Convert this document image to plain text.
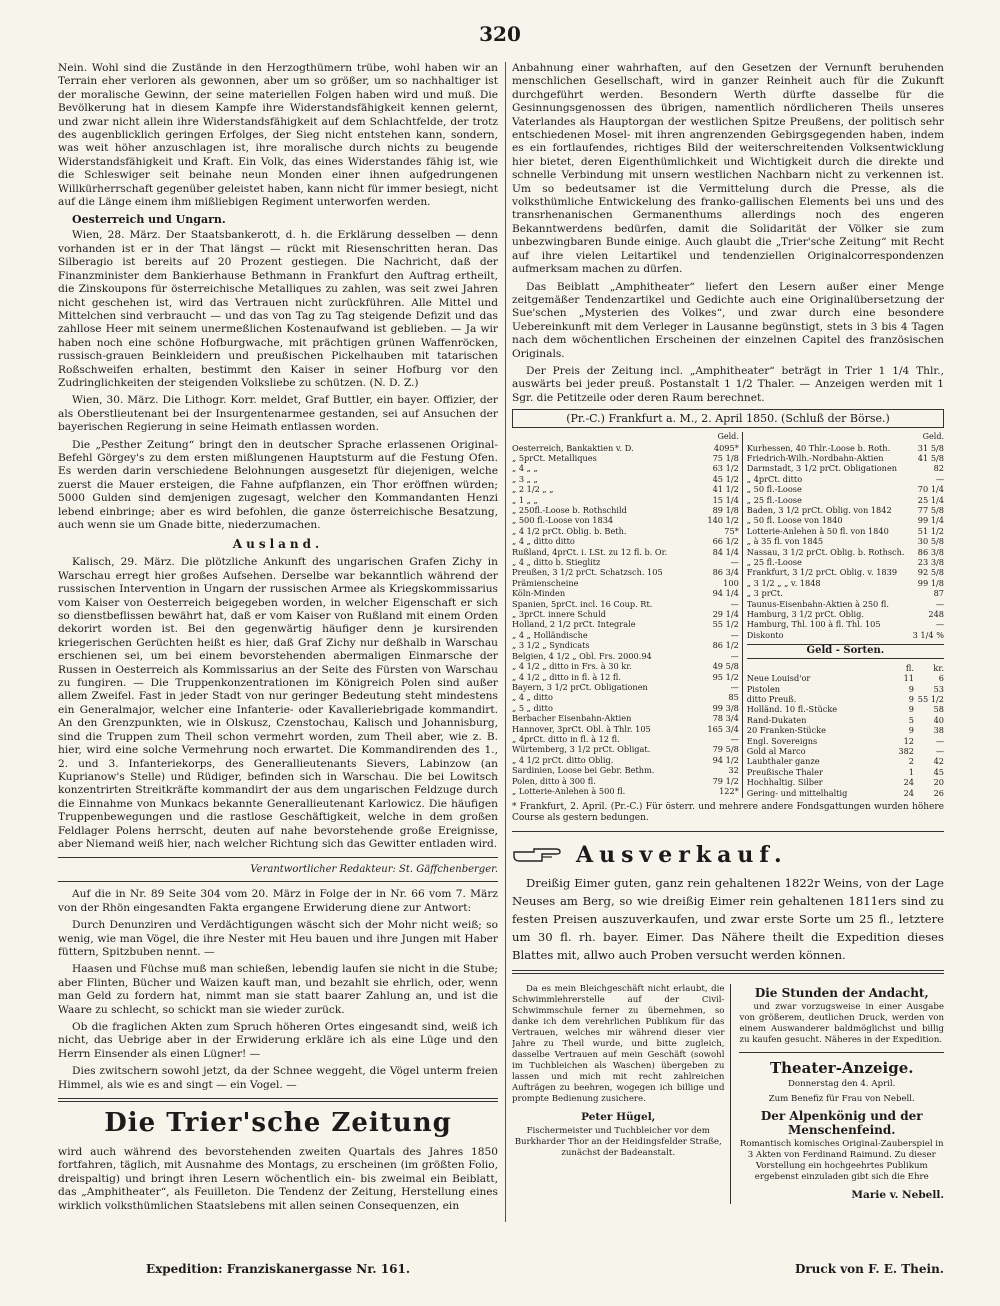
320

Nein. Wohl sind die Zustände in den Herzogthümern trübe, wohl haben wir an Terrain eher verloren als gewonnen, aber um so größer, um so nachhaltiger ist der moralische Gewinn, der seine materiellen Folgen haben wird und muß. Die Bevölkerung hat in diesem Kampfe ihre Widerstandsfähigkeit kennen gelernt, und zwar nicht allein ihre Widerstandsfähigkeit auf dem Schlachtfelde, der trotz des augenblicklich geringen Erfolges, der Sieg nicht entstehen kann, sondern, was weit höher anzuschlagen ist, ihre moralische durch nichts zu beugende Widerstandsfähigkeit und Kraft. Ein Volk, das eines Widerstandes fähig ist, wie die Schleswiger seit beinahe neun Monden einer ihnen aufgedrungenen Willkürherrschaft gegenüber geleistet haben, kann nicht für immer besiegt, nicht auf die Länge einem ihm mißliebigen Regiment unterworfen werden.

Oesterreich und Ungarn.

Wien, 28. März. Der Staatsbankerott, d. h. die Erklärung desselben — denn vorhanden ist er in der That längst — rückt mit Riesenschritten heran. Das Silberagio ist bereits auf 20 Prozent gestiegen. Die Nachricht, daß der Finanzminister dem Bankierhause Bethmann in Frankfurt den Auftrag ertheilt, die Zinskoupons für österreichische Metalliques zu zahlen, was seit zwei Jahren nicht geschehen ist, wird das Vertrauen nicht zurückführen. Alle Mittel und Mittelchen sind verbraucht — und das von Tag zu Tag steigende Defizit und das zahllose Heer mit seinem unermeßlichen Kostenaufwand ist geblieben. — Ja wir haben noch eine schöne Hofburgwache, mit prächtigen grünen Waffenröcken, russisch-grauen Beinkleidern und preußischen Pickelhauben mit tatarischen Roßschweifen erhalten, bestimmt den Kaiser in seiner Hofburg vor den Zudringlichkeiten der steigenden Volksliebe zu schützen. (N. D. Z.)

Wien, 30. März. Die Lithogr. Korr. meldet, Graf Buttler, ein bayer. Offizier, der als Oberstlieutenant bei der Insurgentenarmee gestanden, sei auf Ansuchen der bayerischen Regierung in seine Heimath entlassen worden.

Die „Pesther Zeitung“ bringt den in deutscher Sprache erlassenen Original-Befehl Görgey's zu dem ersten mißlungenen Hauptsturm auf die Festung Ofen. Es werden darin verschiedene Belohnungen ausgesetzt für diejenigen, welche zuerst die Mauer ersteigen, die Fahne aufpflanzen, ein Thor eröffnen würden; 5000 Gulden sind demjenigen zugesagt, welcher den Kommandanten Henzi lebend einbringe; aber es wird befohlen, die ganze österreichische Besatzung, auch wenn sie um Gnade bitte, niederzumachen.

Ausland.

Kalisch, 29. März. Die plötzliche Ankunft des ungarischen Grafen Zichy in Warschau erregt hier großes Aufsehen. Derselbe war bekanntlich während der russischen Intervention in Ungarn der russischen Armee als Kriegskommissarius vom Kaiser von Oesterreich beigegeben worden, in welcher Eigenschaft er sich so dienstbeflissen bewährt hat, daß er vom Kaiser von Rußland mit einem Orden dekorirt worden ist. Bei den gegenwärtig häufiger denn je kursirenden kriegerischen Gerüchten heißt es hier, daß Graf Zichy nur deßhalb in Warschau erschienen sei, um bei einem bevorstehenden abermaligen Einmarsche der Russen in Oesterreich als Kommissarius an der Seite des Fürsten von Warschau zu fungiren. — Die Truppenkonzentrationen im Königreich Polen sind außer allem Zweifel. Fast in jeder Stadt von nur geringer Bedeutung steht mindestens ein Generalmajor, welcher eine Infanterie- oder Kavalleriebrigade kommandirt. An den Grenzpunkten, wie in Olskusz, Czenstochau, Kalisch und Johannisburg, sind die Truppen zum Theil schon vermehrt worden, zum Theil aber, wie z. B. hier, wird eine solche Vermehrung noch erwartet. Die Kommandirenden des 1., 2. und 3. Infanteriekorps, des Generallieutenants Sievers, Labinzow (an Kuprianow's Stelle) und Rüdiger, befinden sich in Warschau. Die bei Lowitsch konzentrirten Streitkräfte kommandirt der aus dem ungarischen Feldzuge durch die Einnahme von Munkacs bekannte Generallieutenant Karlowicz. Die häufigen Truppenbewegungen und die rastlose Geschäftigkeit, welche in dem großen Feldlager Polens herrscht, deuten auf nahe bevorstehende große Ereignisse, aber Niemand weiß hier, nach welcher Richtung sich das Gewitter entladen wird.

Verantwortlicher Redakteur: St. Gäffchenberger.

Auf die in Nr. 89 Seite 304 vom 20. März in Folge der in Nr. 66 vom 7. März von der Rhön eingesandten Fakta ergangene Erwiderung diene zur Antwort:

Durch Denunziren und Verdächtigungen wäscht sich der Mohr nicht weiß; so wenig, wie man Vögel, die ihre Nester mit Heu bauen und ihre Jungen mit Haber füttern, Spitzbuben nennt. —

Haasen und Füchse muß man schießen, lebendig laufen sie nicht in die Stube; aber Flinten, Bücher und Waizen kauft man, und bezahlt sie ehrlich, oder, wenn man Geld zu fordern hat, nimmt man sie statt baarer Zahlung an, und ist die Waare zu schlecht, so schickt man sie wieder zurück.

Ob die fraglichen Akten zum Spruch höheren Ortes eingesandt sind, weiß ich nicht, das Uebrige aber in der Erwiderung erkläre ich als eine Lüge und den Herrn Einsender als einen Lügner! —

Dies zwitschern sowohl jetzt, da der Schnee weggeht, die Vögel unterm freien Himmel, als wie es and singt — ein Vogel. —

Die Trier'sche Zeitung

wird auch während des bevorstehenden zweiten Quartals des Jahres 1850 fortfahren, täglich, mit Ausnahme des Montags, zu erscheinen (im größten Folio, dreispaltig) und bringt ihren Lesern wöchentlich ein- bis zweimal ein Beiblatt, das „Amphitheater“, als Feuilleton. Die Tendenz der Zeitung, Herstellung eines wirklich volksthümlichen Staatslebens mit allen seinen Consequenzen, ein

Anbahnung einer wahrhaften, auf den Gesetzen der Vernunft beruhenden menschlichen Gesellschaft, wird in ganzer Reinheit auch für die Zukunft durchgeführt werden. Besondern Werth dürfte dasselbe für die Gesinnungsgenossen des übrigen, namentlich nördlicheren Theils unseres Vaterlandes als Hauptorgan der westlichen Spitze Preußens, der politisch sehr entschiedenen Mosel- mit ihren angrenzenden Gebirgsgegenden haben, indem es ein fortlaufendes, richtiges Bild der weiterschreitenden Volksentwicklung hier bietet, deren Eigenthümlichkeit und Wichtigkeit durch die direkte und schnelle Verbindung mit unsern westlichen Nachbarn nicht zu verkennen ist. Um so bedeutsamer ist die Vermittelung durch die Presse, als die volksthümliche Entwickelung des franko-gallischen Elements bei uns und des transrhenanischen Germanenthums allerdings noch des engeren Bekanntwerdens bedürfen, damit die Solidarität der Völker sie zum unbezwingbaren Bunde einige. Auch glaubt die „Trier'sche Zeitung“ mit Recht auf ihre vielen Leitartikel und tendenziellen Originalcorrespondenzen aufmerksam machen zu dürfen.

Das Beiblatt „Amphitheater“ liefert den Lesern außer einer Menge zeitgemäßer Tendenzartikel und Gedichte auch eine Originalübersetzung der Sue'schen „Mysterien des Volkes“, und zwar durch eine besondere Uebereinkunft mit dem Verleger in Lausanne begünstigt, stets in 3 bis 4 Tagen nach dem wöchentlichen Erscheinen der einzelnen Capitel des französischen Originals.

Der Preis der Zeitung incl. „Amphitheater“ beträgt in Trier 1 1/4 Thlr., auswärts bei jeder preuß. Postanstalt 1 1/2 Thaler. — Anzeigen werden mit 1 Sgr. die Petitzeile oder deren Raum berechnet.

(Pr.-C.) Frankfurt a. M., 2. April 1850. (Schluß der Börse.)
Geld.
Oesterreich, Bankaktien v. D.	4095*
„ 5prCt. Metalliques	75 1/8
„ 4 „ „	63 1/2
„ 3 „ „	45 1/2
„ 2 1/2 „ „	41 1/2
„ 1 „ „	15 1/4
„ 250fl.-Loose b. Rothschild	89 1/8
„ 500 fl.-Loose von 1834	140 1/2
„ 4 1/2 prCt. Oblig. b. Beth.	75*
„ 4 „ ditto ditto	66 1/2
Rußland, 4prCt. i. LSt. zu 12 fl. b. Or.	84 1/4
„ 4 „ ditto b. Stieglitz	—
Preußen, 3 1/2 prCt. Schatzsch. 105	86 3/4
Prämienscheine	100
Köln-Minden	94 1/4
Spanien, 5prCt. incl. 16 Coup. Rt.	—
„ 3prCt. innere Schuld	29 1/4
Holland, 2 1/2 prCt. Integrale	55 1/2
„ 4 „ Holländische	—
„ 3 1/2 „ Syndicats	86 1/2
Belgien, 4 1/2 „ Obl. Frs. 2000.94	—
„ 4 1/2 „ ditto in Frs. à 30 kr.	49 5/8
„ 4 1/2 „ ditto in fl. à 12 fl.	95 1/2
Bayern, 3 1/2 prCt. Obligationen	—
„ 4 „ ditto	85
„ 5 „ ditto	99 3/8
Berbacher Eisenbahn-Aktien	78 3/4
Hannover, 3prCt. Obl. à Thlr. 105	165 3/4
„ 4prCt. ditto in fl. à 12 fl.	—
Würtemberg, 3 1/2 prCt. Obligat.	79 5/8
„ 4 1/2 prCt. ditto Oblig.	94 1/2
Sardinien, Loose bei Gebr. Bethm.	32
Polen, ditto à 300 fl.	79 1/2
„ Lotterie-Anlehen à 500 fl.	122*
Geld.
Kurhessen, 40 Thlr.-Loose b. Roth.	31 5/8
Friedrich-Wilh.-Nordbahn-Aktien	41 5/8
Darmstadt, 3 1/2 prCt. Obligationen	82
„ 4prCt. ditto	—
„ 50 fl.-Loose	70 1/4
„ 25 fl.-Loose	25 1/4
Baden, 3 1/2 prCt. Oblig. von 1842	77 5/8
„ 50 fl. Loose von 1840	99 1/4
Lotterie-Anlehen à 50 fl. von 1840	51 1/2
„ à 35 fl. von 1845	30 5/8
Nassau, 3 1/2 prCt. Oblig. b. Rothsch.	86 3/8
„ 25 fl.-Loose	23 3/8
Frankfurt, 3 1/2 prCt. Oblig. v. 1839	92 5/8
„ 3 1/2 „ „ v. 1848	99 1/8
„ 3 prCt.	87
Taunus-Eisenbahn-Aktien à 250 fl.	—
Hamburg, 3 1/2 prCt. Oblig.	248
Hamburg, Thl. 100 à fl. Thl. 105	—
Diskonto	3 1/4 %
Geld - Sorten.
fl.	kr.
Neue Louisd'or	11	6
Pistolen	9	53
ditto Preuß.	9 55 1/2
Holländ. 10 fl.-Stücke	9	58
Rand-Dukaten	5	40
20 Franken-Stücke	9	38
Engl. Sovereigns	12	—
Gold al Marco	382	—
Laubthaler ganze	2	42
Preußische Thaler	1	45
Hochhaltig. Silber	24	20
Gering- und mittelhaltig	24	26

* Frankfurt, 2. April. (Pr.-C.) Für österr. und mehrere andere Fondsgattungen wurden höhere Course als gestern bedungen.

Ausverkauf.

Dreißig Eimer guten, ganz rein gehaltenen 1822r Weins, von der Lage Neuses am Berg, so wie dreißig Eimer rein gehaltenen 1811ers sind zu festen Preisen auszuverkaufen, und zwar erste Sorte um 25 fl., letztere um 30 fl. rh. bayer. Eimer. Das Nähere theilt die Expedition dieses Blattes mit, allwo auch Proben versucht werden können.

Da es mein Bleichgeschäft nicht erlaubt, die Schwimmlehrerstelle auf der Civil-Schwimmschule ferner zu übernehmen, so danke ich dem verehrlichen Publikum für das Vertrauen, welches mir während dieser vier Jahre zu Theil wurde, und bitte zugleich, dasselbe Vertrauen auf mein Geschäft (sowohl im Tuchbleichen als Waschen) übergeben zu lassen und mich mit recht zahlreichen Aufträgen zu beehren, wogegen ich billige und prompte Bedienung zusichere.

Peter Hügel,

Fischermeister und Tuchbleicher vor dem Burkharder Thor an der Heidingsfelder Straße, zunächst der Badeanstalt.

Die Stunden der Andacht,

und zwar vorzugsweise in einer Ausgabe von größerem, deutlichen Druck, werden von einem Auswanderer baldmöglichst und billig zu kaufen gesucht. Näheres in der Expedition.

Theater-Anzeige.

Donnerstag den 4. April.

Zum Benefiz für Frau von Nebell.

Der Alpenkönig und der Menschenfeind.

Romantisch komisches Original-Zauberspiel in 3 Akten von Ferdinand Raimund. Zu dieser Vorstellung ein hochgeehrtes Publikum ergebenst einzuladen gibt sich die Ehre

Marie v. Nebell.
Expedition: Franziskanergasse Nr. 161.	Druck von F. E. Thein.
